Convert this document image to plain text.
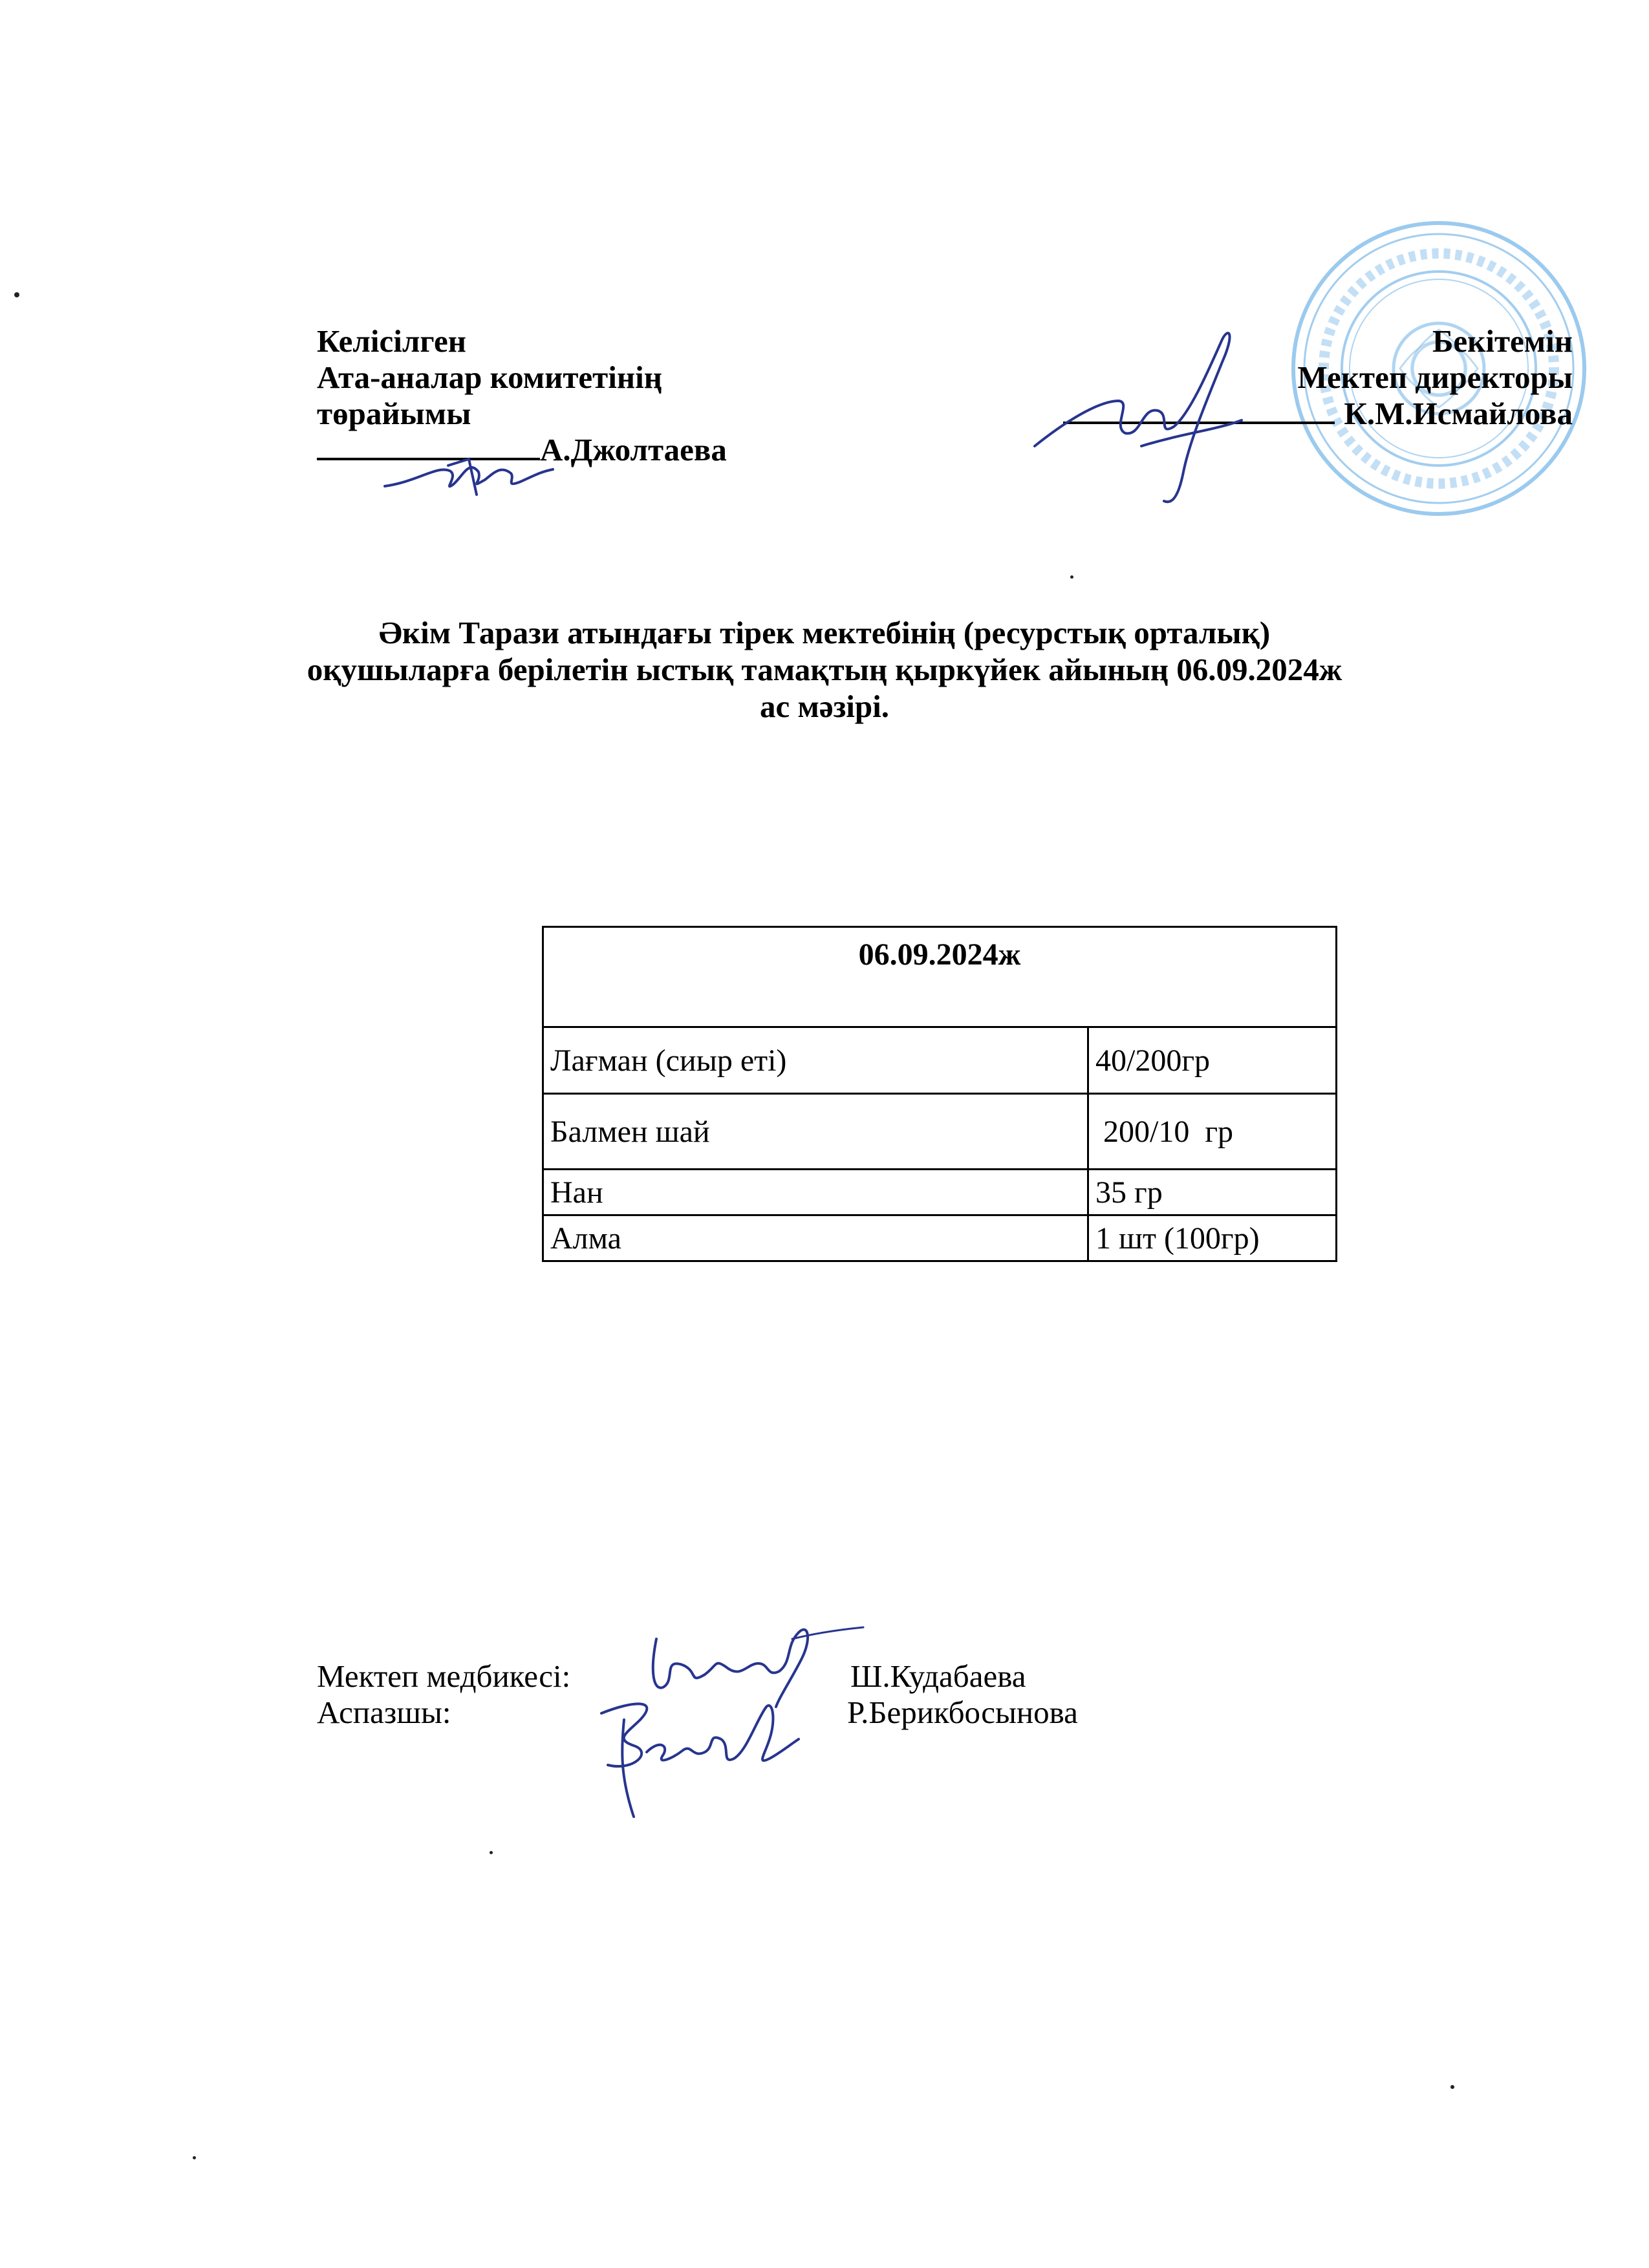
Келісілген
Ата-аналар комитетінің
төрайымы
А.Джолтаева
Бекітемін
Мектеп директоры
К.М.Исмайлова
Әкім Тарази атындағы тірек мектебінің (ресурстық орталық)
оқушыларға берілетін ыстық тамақтың қыркүйек айының 06.09.2024ж
ас мәзірі.
06.09.2024ж	
Лағман (сиыр еті)	40/200гр
Балмен шай	200/10  гр
Нан	35 гр
Алма	1 шт (100гр)
Мектеп медбикесі:	Ш.Кудабаева
Аспазшы:	Р.Берикбосынова
